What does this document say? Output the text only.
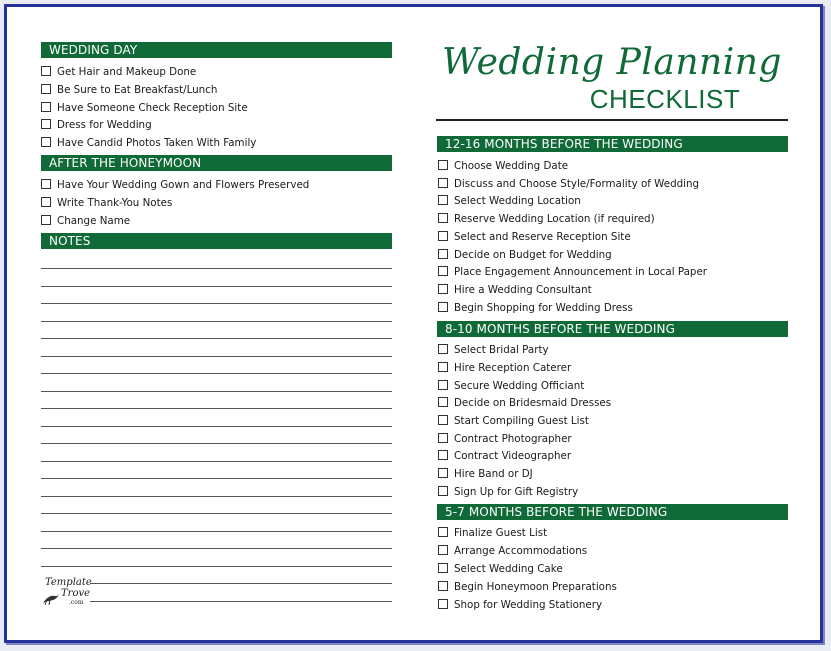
WEDDING DAY
Get Hair and Makeup Done
Be Sure to Eat Breakfast/Lunch
Have Someone Check Reception Site
Dress for Wedding
Have Candid Photos Taken With Family
AFTER THE HONEYMOON
Have Your Wedding Gown and Flowers Preserved
Write Thank-You Notes
Change Name
NOTES
Template
Trove
.com
Wedding Planning
CHECKLIST
12-16 MONTHS BEFORE THE WEDDING
Choose Wedding Date
Discuss and Choose Style/Formality of Wedding
Select Wedding Location
Reserve Wedding Location (if required)
Select and Reserve Reception Site
Decide on Budget for Wedding
Place Engagement Announcement in Local Paper
Hire a Wedding Consultant
Begin Shopping for Wedding Dress
8-10 MONTHS BEFORE THE WEDDING
Select Bridal Party
Hire Reception Caterer
Secure Wedding Officiant
Decide on Bridesmaid Dresses
Start Compiling Guest List
Contract Photographer
Contract Videographer
Hire Band or DJ
Sign Up for Gift Registry
5-7 MONTHS BEFORE THE WEDDING
Finalize Guest List
Arrange Accommodations
Select Wedding Cake
Begin Honeymoon Preparations
Shop for Wedding Stationery
